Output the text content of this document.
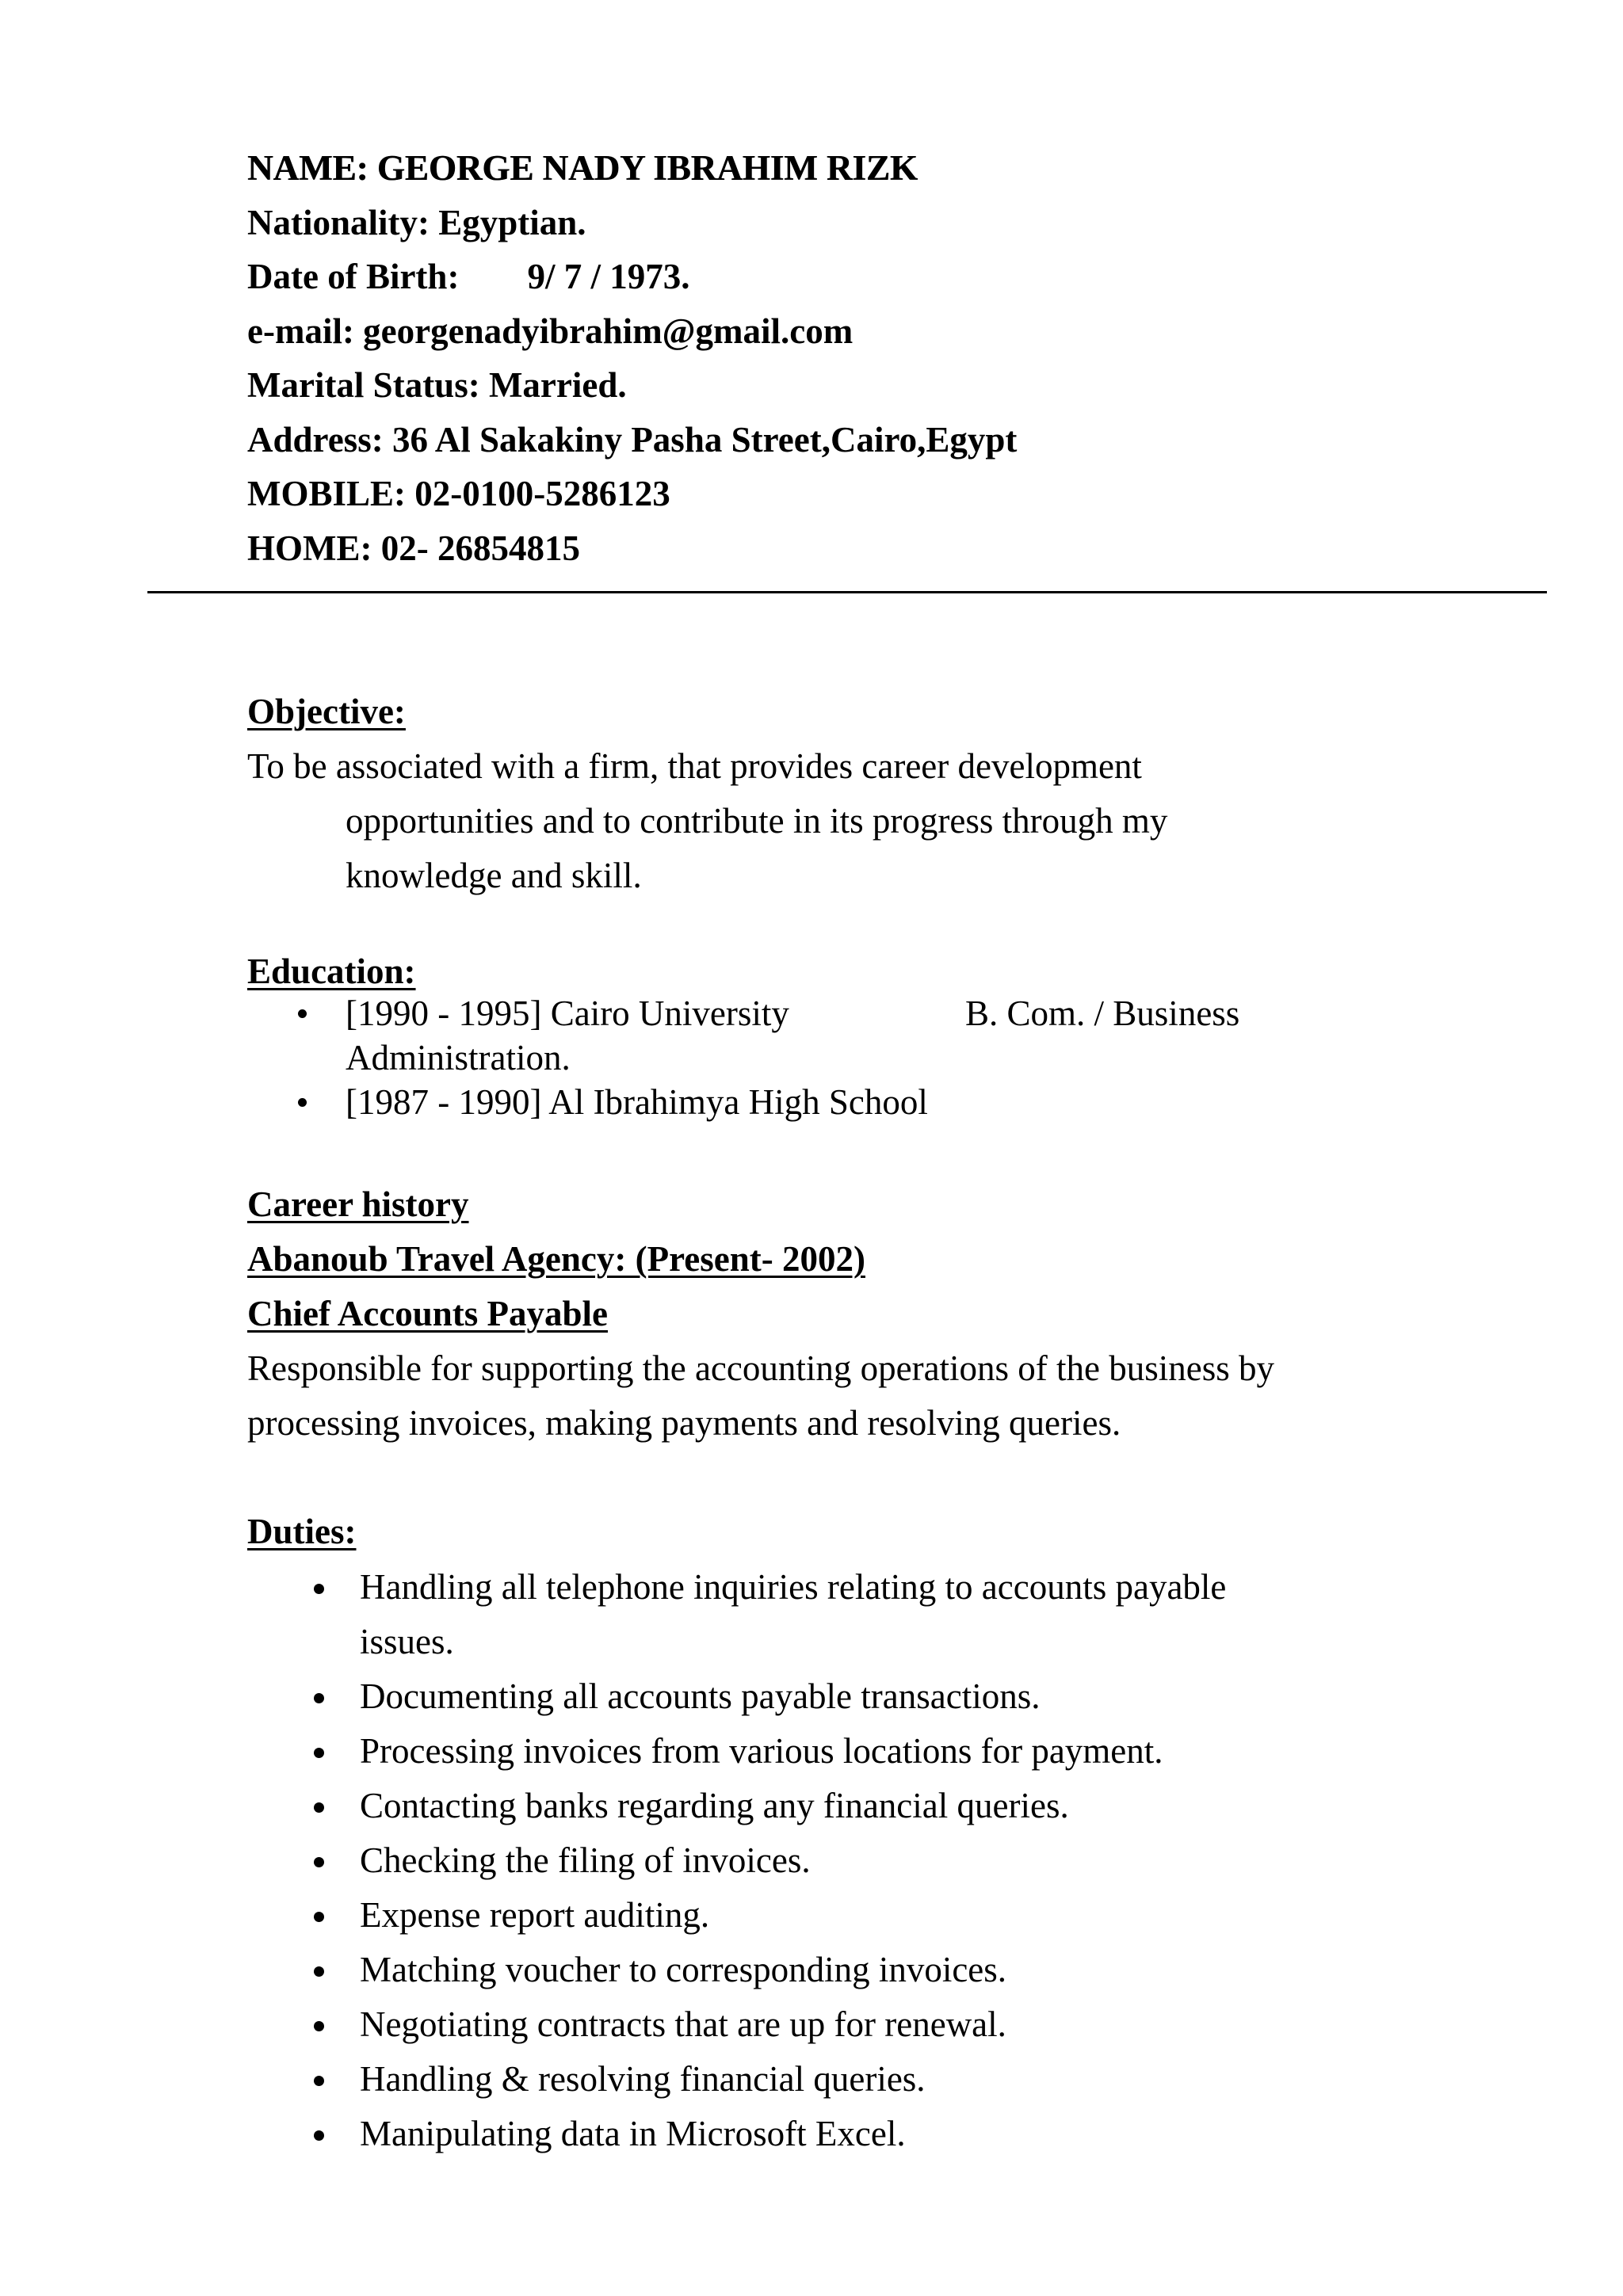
NAME: GEORGE NADY IBRAHIM RIZK
Nationality: Egyptian.
Date of Birth: 9/ 7 / 1973.
e-mail: georgenadyibrahim@gmail.com
Marital Status: Married.
Address: 36 Al Sakakiny Pasha Street,Cairo,Egypt
MOBILE: 02-0100-5286123
HOME: 02- 26854815
Objective:
To be associated with a firm, that provides career development
opportunities and to contribute in its progress through my
knowledge and skill.
Education:
[1990 - 1995] Cairo University	B. Com. / Business
Administration.
[1987 - 1990] Al Ibrahimya High School
Career history
Abanoub Travel Agency: (Present- 2002)
Chief Accounts Payable
Responsible for supporting the accounting operations of the business by
processing invoices, making payments and resolving queries.
Duties:
Handling all telephone inquiries relating to accounts payable
issues.
Documenting all accounts payable transactions.
Processing invoices from various locations for payment.
Contacting banks regarding any financial queries.
Checking the filing of invoices.
Expense report auditing.
Matching voucher to corresponding invoices.
Negotiating contracts that are up for renewal.
Handling & resolving financial queries.
Manipulating data in Microsoft Excel.
